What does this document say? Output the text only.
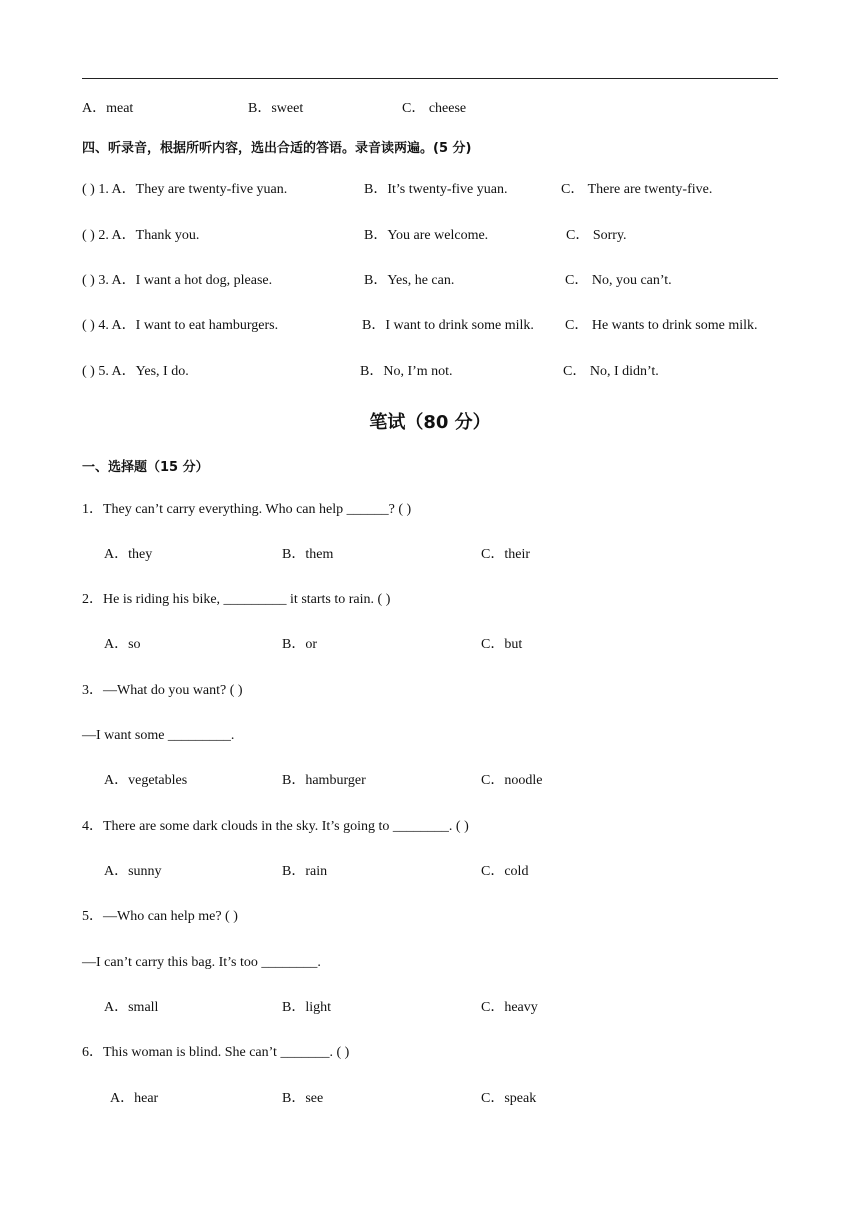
A．meat	B．sweet	C． cheese
四、听录音，根据所听内容，选出合适的答语。录音读两遍。(5 分)
( ) 1. A．They are twenty-five yuan.	B．It’s twenty-five yuan.	C． There are twenty-five.
( ) 2. A．Thank you.	B．You are welcome.	C． Sorry.
( ) 3. A．I want a hot dog, please.	B．Yes, he can.	C． No, you can’t.
( ) 4. A．I want to eat hamburgers.	B．I want to drink some milk. C． He wants to drink some milk.
( ) 5. A．Yes, I do.	B．No, I’m not.	C． No, I didn’t.
笔试（80 分）
一、选择题（15 分）
1．They can’t carry everything. Who can help ______? ( )
A．they	B．them	C．their
2．He is riding his bike, _________ it starts to rain. ( )
A．so	B．or	C．but
3．—What do you want? ( )
—I want some _________.
A．vegetables	B．hamburger	C．noodle
4．There are some dark clouds in the sky. It’s going to ________. ( )
A．sunny	B．rain	C．cold
5．—Who can help me? ( )
—I can’t carry this bag. It’s too ________.
A．small	B．light	C．heavy
6．This woman is blind. She can’t _______. ( )
A．hear	B．see	C．speak
